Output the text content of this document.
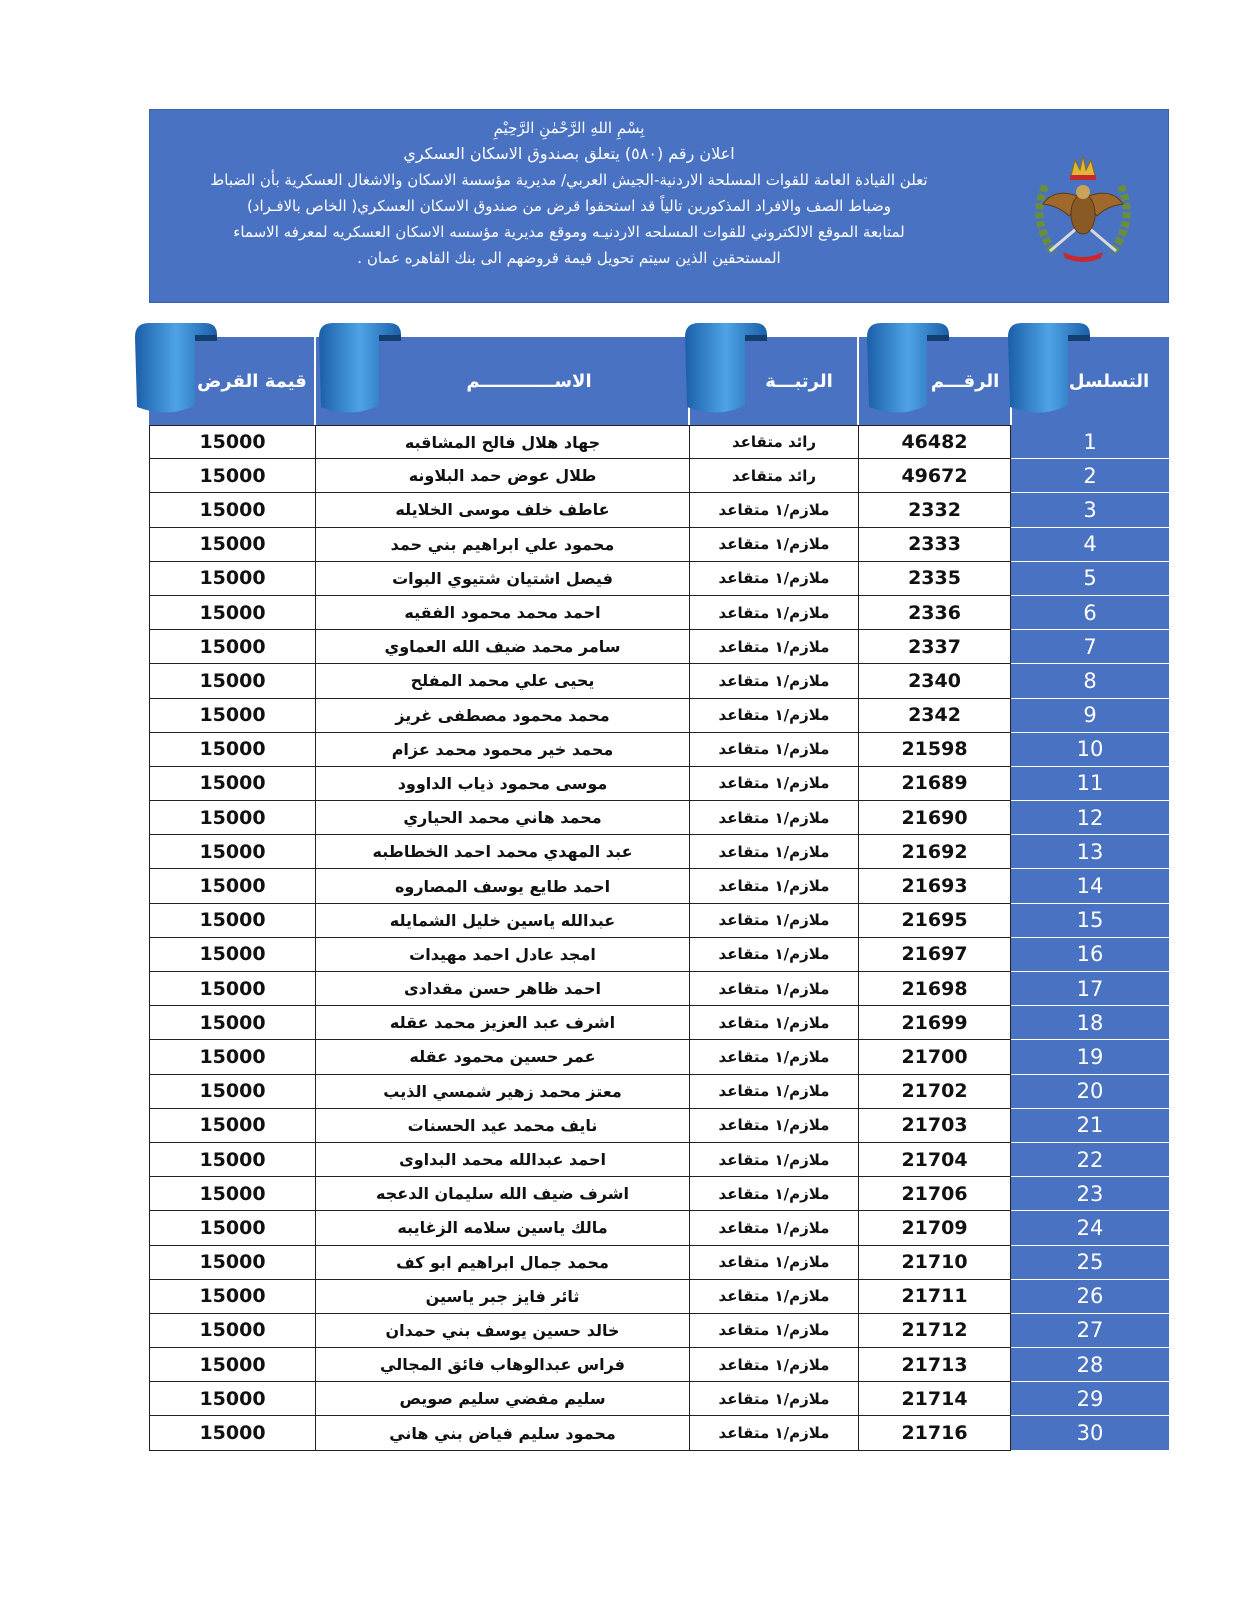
بِسْمِ اللهِ الرَّحْمٰنِ الرَّحِيْمِ
اعلان رقم (٥٨٠) يتعلق بصندوق الاسكان العسكري
تعلن القيادة العامة للقوات المسلحة الاردنية-الجيش العربي/ مديرية مؤسسة الاسكان والاشغال العسكرية بأن الضباط
وضباط الصف والافراد المذكورين تالياً قد استحقوا قرض من صندوق الاسكان العسكري( الخاص بالافـراد)
لمتابعة الموقع الالكتروني للقوات المسلحه الاردنيـه وموقع مديرية مؤسسه الاسكان العسكريه لمعرفه الاسماء
المستحقين الذين سيتم تحويل قيمة قروضهم الى بنك القاهره عمان .
قيمة القرض	الاســــــــــــم	الرتبـــة	الرقـــم	التسلسل
15000	جهاد هلال فالح المشاقبه	رائد متقاعد	46482	1
15000	طلال عوض حمد البلاونه	رائد متقاعد	49672	2
15000	عاطف خلف موسى الخلايله	ملازم/١ متقاعد	2332	3
15000	محمود علي ابراهيم بني حمد	ملازم/١ متقاعد	2333	4
15000	فيصل اشتيان شتيوي البوات	ملازم/١ متقاعد	2335	5
15000	احمد محمد محمود الفقيه	ملازم/١ متقاعد	2336	6
15000	سامر محمد ضيف الله العماوي	ملازم/١ متقاعد	2337	7
15000	يحيى علي محمد المفلح	ملازم/١ متقاعد	2340	8
15000	محمد محمود مصطفى غريز	ملازم/١ متقاعد	2342	9
15000	محمد خير محمود محمد عزام	ملازم/١ متقاعد	21598	10
15000	موسى محمود ذياب الداوود	ملازم/١ متقاعد	21689	11
15000	محمد هاني محمد الحياري	ملازم/١ متقاعد	21690	12
15000	عبد المهدي محمد احمد الخطاطبه	ملازم/١ متقاعد	21692	13
15000	احمد طايع يوسف المصاروه	ملازم/١ متقاعد	21693	14
15000	عبدالله ياسين خليل الشمايله	ملازم/١ متقاعد	21695	15
15000	امجد عادل احمد مهيدات	ملازم/١ متقاعد	21697	16
15000	احمد ظاهر حسن مقدادى	ملازم/١ متقاعد	21698	17
15000	اشرف عبد العزيز محمد عقله	ملازم/١ متقاعد	21699	18
15000	عمر حسين محمود عقله	ملازم/١ متقاعد	21700	19
15000	معتز محمد زهير شمسي الذيب	ملازم/١ متقاعد	21702	20
15000	نايف محمد عيد الحسنات	ملازم/١ متقاعد	21703	21
15000	احمد عبدالله محمد البداوى	ملازم/١ متقاعد	21704	22
15000	اشرف ضيف الله سليمان الدعجه	ملازم/١ متقاعد	21706	23
15000	مالك ياسين سلامه الزغايبه	ملازم/١ متقاعد	21709	24
15000	محمد جمال ابراهيم ابو كف	ملازم/١ متقاعد	21710	25
15000	ثائر فايز جبر ياسين	ملازم/١ متقاعد	21711	26
15000	خالد حسين يوسف بني حمدان	ملازم/١ متقاعد	21712	27
15000	فراس عبدالوهاب فائق المجالي	ملازم/١ متقاعد	21713	28
15000	سليم مفضي سليم صويص	ملازم/١ متقاعد	21714	29
15000	محمود سليم فياض بني هاني	ملازم/١ متقاعد	21716	30
